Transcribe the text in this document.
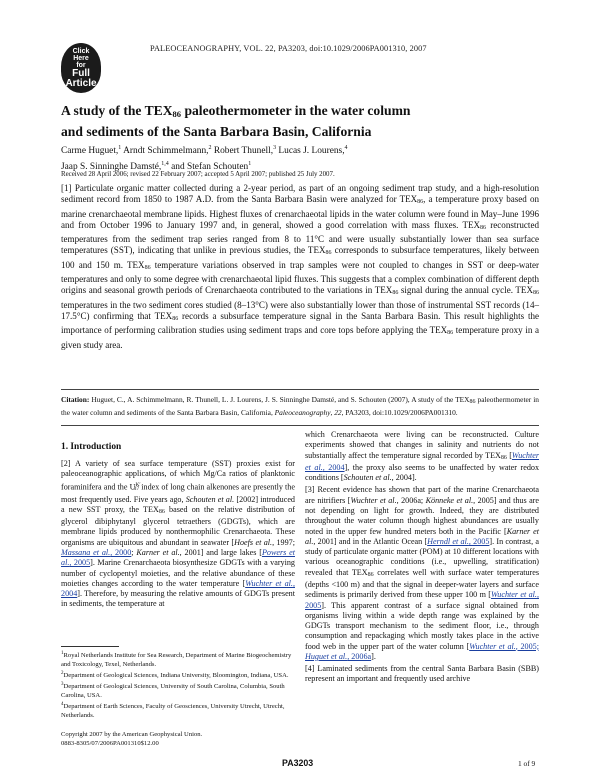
Click
Here
for
Full
Article
PALEOCEANOGRAPHY, VOL. 22, PA3203, doi:10.1029/2006PA001310, 2007
A study of the $TEX_{86}$ paleothermometer in the water column
and sediments of the Santa Barbara Basin, California
Carme Huguet,$^1$ Arndt Schimmelmann,$^2$ Robert Thunell,$^3$ Lucas J. Lourens,$^4$
Jaap S. Sinninghe Damsté,$^{1,4}$ and Stefan Schouten$^1$
Received 28 April 2006; revised 22 February 2007; accepted 5 April 2007; published 25 July 2007.

[1] Particulate organic matter collected during a 2-year period, as part of an ongoing sediment trap study, and a high-resolution sediment record from 1850 to 1987 A.D. from the Santa Barbara Basin were analyzed for $TEX_{86}$, a temperature proxy based on marine crenarchaeotal membrane lipids. Highest fluxes of crenarchaeotal lipids in the water column were found in May–June 1996 and from October 1996 to January 1997 and, in general, showed a good correlation with mass fluxes. $TEX_{86}$ reconstructed temperatures from the sediment trap series ranged from 8 to 11°C and were usually substantially lower than sea surface temperatures (SST), indicating that unlike in previous studies, the $TEX_{86}$ corresponds to subsurface temperatures, likely between 100 and 150 m. $TEX_{86}$ temperature variations observed in trap samples were not coupled to changes in SST or deep-water temperatures and only to some degree with crenarchaeotal lipid fluxes. This suggests that a complex combination of different depth origins and seasonal growth periods of Crenarchaeota contributed to the variations in $TEX_{86}$ signal during the annual cycle. $TEX_{86}$ temperatures in the two sediment cores studied (8–13°C) were also substantially lower than those of instrumental SST records (14–17.5°C) confirming that $TEX_{86}$ records a subsurface temperature signal in the Santa Barbara Basin. This result highlights the importance of performing calibration studies using sediment traps and core tops before applying the $TEX_{86}$ temperature proxy in a given study area.

Citation: Huguet, C., A. Schimmelmann, R. Thunell, L. J. Lourens, J. S. Sinninghe Damsté, and S. Schouten (2007), A study of the $TEX_{86}$ paleothermometer in the water column and sediments of the Santa Barbara Basin, California, Paleoceanography, 22, PA3203, doi:10.1029/2006PA001310.

1. Introduction

[2] A variety of sea surface temperature (SST) proxies exist for paleoceanographic applications, of which Mg/Ca ratios of planktonic foraminifera and the $U^{K'}_{37}$ index of long chain alkenones are presently the most frequently used. Five years ago, Schouten et al. [2002] introduced a new SST proxy, the $TEX_{86}$ based on the relative distribution of glycerol dibiphytanyl glycerol tetraethers (GDGTs), which are membrane lipids produced by nonthermophilic Crenarchaeota. These organisms are ubiquitous and abundant in seawater [Hoefs et al., 1997; Massana et al., 2000; Karner et al., 2001] and large lakes [Powers et al., 2005]. Marine Crenarchaeota biosynthesize GDGTs with a varying number of cyclopentyl moieties, and the relative abundance of these moieties changes according to the water temperature [Wuchter et al., 2004]. Therefore, by measuring the relative amounts of GDGTs present in sediments, the temperature at

which Crenarchaeota were living can be reconstructed. Culture experiments showed that changes in salinity and nutrients do not substantially affect the temperature signal recorded by $TEX_{86}$ [Wuchter et al., 2004], the proxy also seems to be unaffected by water redox conditions [Schouten et al., 2004].

[3] Recent evidence has shown that part of the marine Crenarchaeota are nitrifiers [Wuchter et al., 2006a; Könneke et al., 2005] and thus are not depending on light for growth. Indeed, they are distributed throughout the water column though highest abundances are usually noted in the upper few hundred meters both in the Pacific [Karner et al., 2001] and in the Atlantic Ocean [Herndl et al., 2005]. In contrast, a study of particulate organic matter (POM) at 10 different locations with various oceanographic conditions (i.e., upwelling, stratification) revealed that $TEX_{86}$ correlates well with surface water temperatures (depths <100 m) and that the signal in deeper-water layers and surface sediments is primarily derived from these upper 100 m [Wuchter et al., 2005]. This apparent contrast of a surface signal obtained from organisms living within a wide depth range was explained by the GDGTs transport mechanism to the sediment floor, i.e., through consumption and repackaging which mostly takes place in the active food web in the upper part of the water column [Wuchter et al., 2005; Huguet et al., 2006a].

[4] Laminated sediments from the central Santa Barbara Basin (SBB) represent an important and frequently used archive

$^1$Royal Netherlands Institute for Sea Research, Department of Marine Biogeochemistry and Toxicology, Texel, Netherlands.

$^2$Department of Geological Sciences, Indiana University, Bloomington, Indiana, USA.

$^3$Department of Geological Sciences, University of South Carolina, Columbia, South Carolina, USA.

$^4$Department of Earth Sciences, Faculty of Geosciences, University Utrecht, Utrecht, Netherlands.

Copyright 2007 by the American Geophysical Union.
0883-8305/07/2006PA001310$12.00
PA3203	1 of 9
